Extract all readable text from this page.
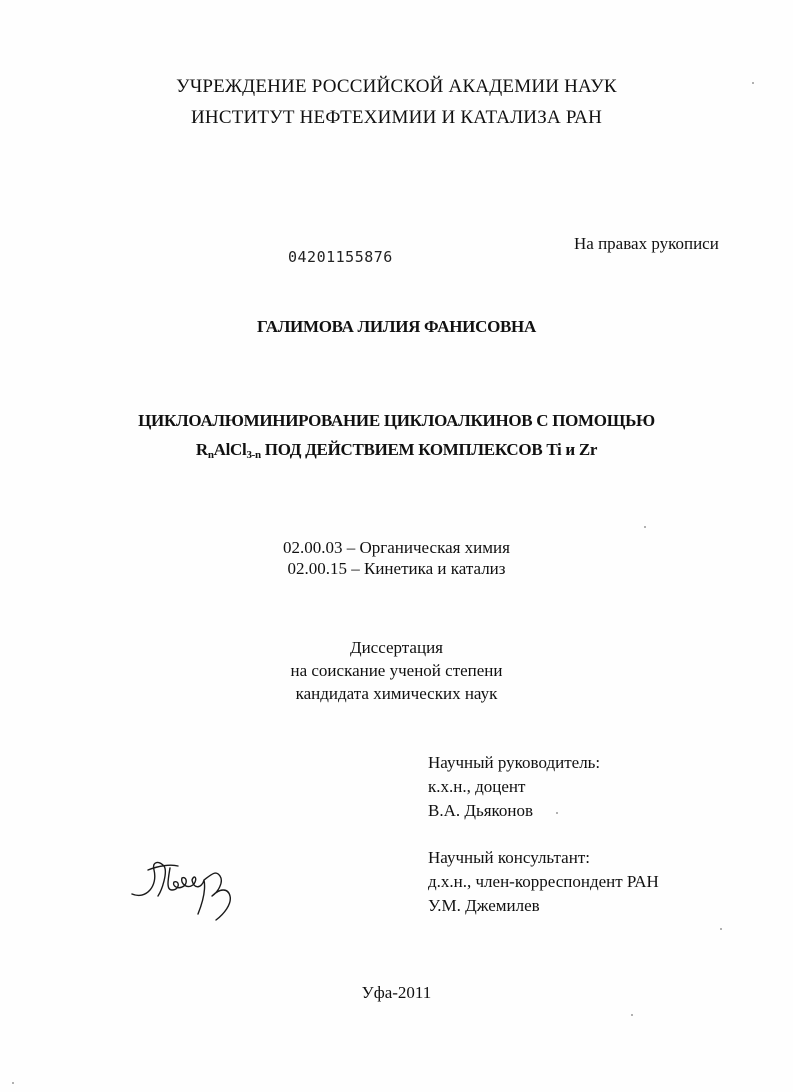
УЧРЕЖДЕНИЕ РОССИЙСКОЙ АКАДЕМИИ НАУК
ИНСТИТУТ НЕФТЕХИМИИ И КАТАЛИЗА РАН
04201155876
На правах рукописи
ГАЛИМОВА ЛИЛИЯ ФАНИСОВНА
ЦИКЛОАЛЮМИНИРОВАНИЕ ЦИКЛОАЛКИНОВ С ПОМОЩЬЮ
$R_nAlCl_{3-n}$ ПОД ДЕЙСТВИЕМ КОМПЛЕКСОВ Ti и Zr
02.00.03 – Органическая химия
02.00.15 – Кинетика и катализ
Диссертация
на соискание ученой степени
кандидата химических наук
Научный руководитель:
к.х.н., доцент
В.А. Дьяконов
Научный консультант:
д.х.н., член-корреспондент РАН
У.М. Джемилев
Уфа-2011
